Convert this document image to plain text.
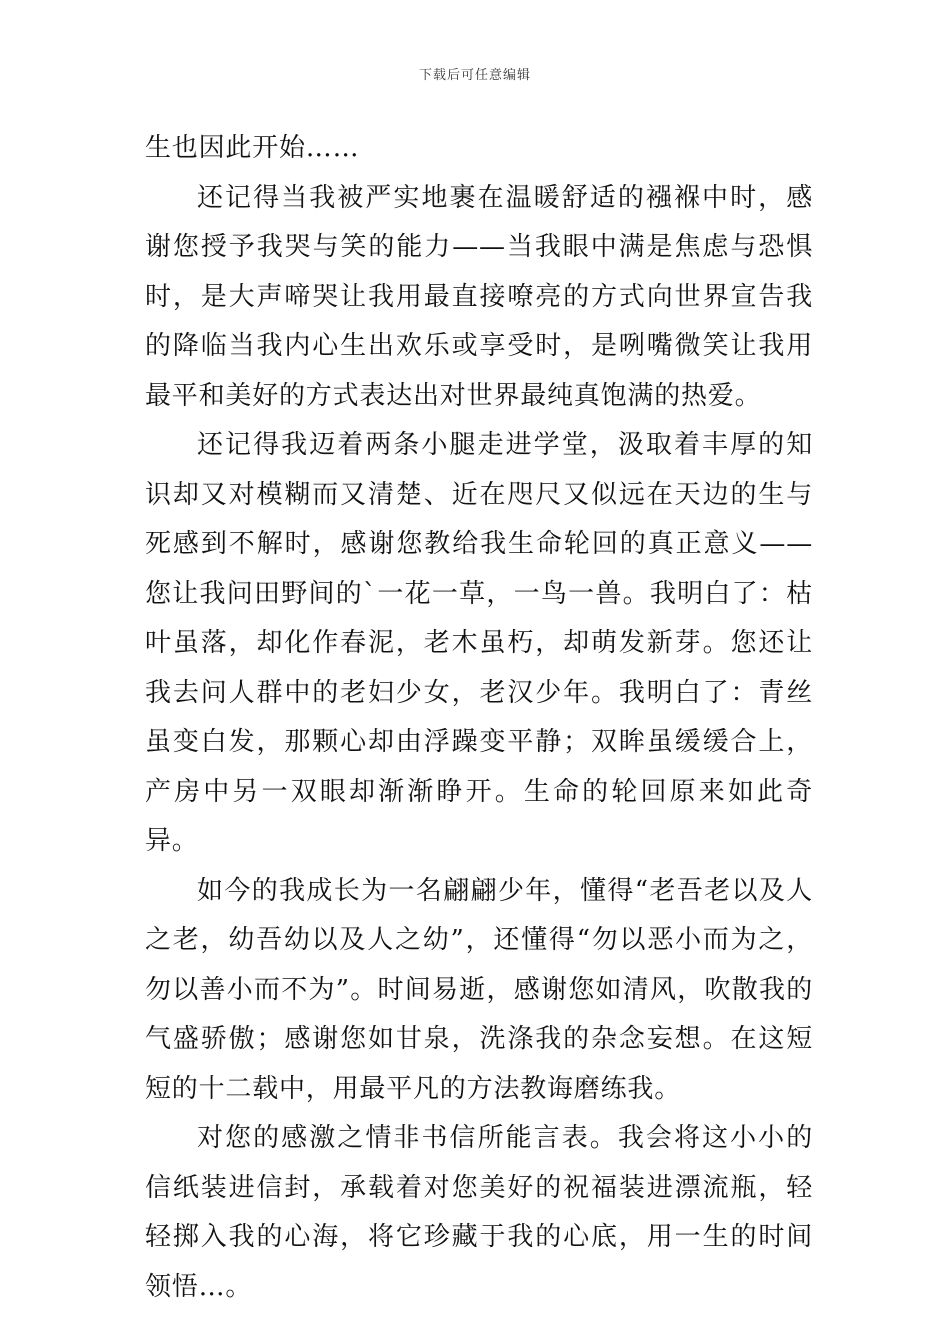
下载后可任意编辑

生也因此开始……

还记得当我被严实地裹在温暖舒适的襁褓中时，感谢您授予我哭与笑的能力——当我眼中满是焦虑与恐惧时，是大声啼哭让我用最直接嘹亮的方式向世界宣告我的降临当我内心生出欢乐或享受时，是咧嘴微笑让我用最平和美好的方式表达出对世界最纯真饱满的热爱。

还记得我迈着两条小腿走进学堂，汲取着丰厚的知识却又对模糊而又清楚、近在咫尺又似远在天边的生与死感到不解时，感谢您教给我生命轮回的真正意义——您让我问田野间的`一花一草，一鸟一兽。我明白了：枯叶虽落，却化作春泥，老木虽朽，却萌发新芽。您还让我去问人群中的老妇少女，老汉少年。我明白了：青丝虽变白发，那颗心却由浮躁变平静；双眸虽缓缓合上，产房中另一双眼却渐渐睁开。生命的轮回原来如此奇异。

如今的我成长为一名翩翩少年，懂得“老吾老以及人之老，幼吾幼以及人之幼”，还懂得“勿以恶小而为之，勿以善小而不为”。时间易逝，感谢您如清风，吹散我的气盛骄傲；感谢您如甘泉，洗涤我的杂念妄想。在这短短的十二载中，用最平凡的方法教诲磨练我。

对您的感激之情非书信所能言表。我会将这小小的信纸装进信封，承载着对您美好的祝福装进漂流瓶，轻轻掷入我的心海，将它珍藏于我的心底，用一生的时间领悟…。
